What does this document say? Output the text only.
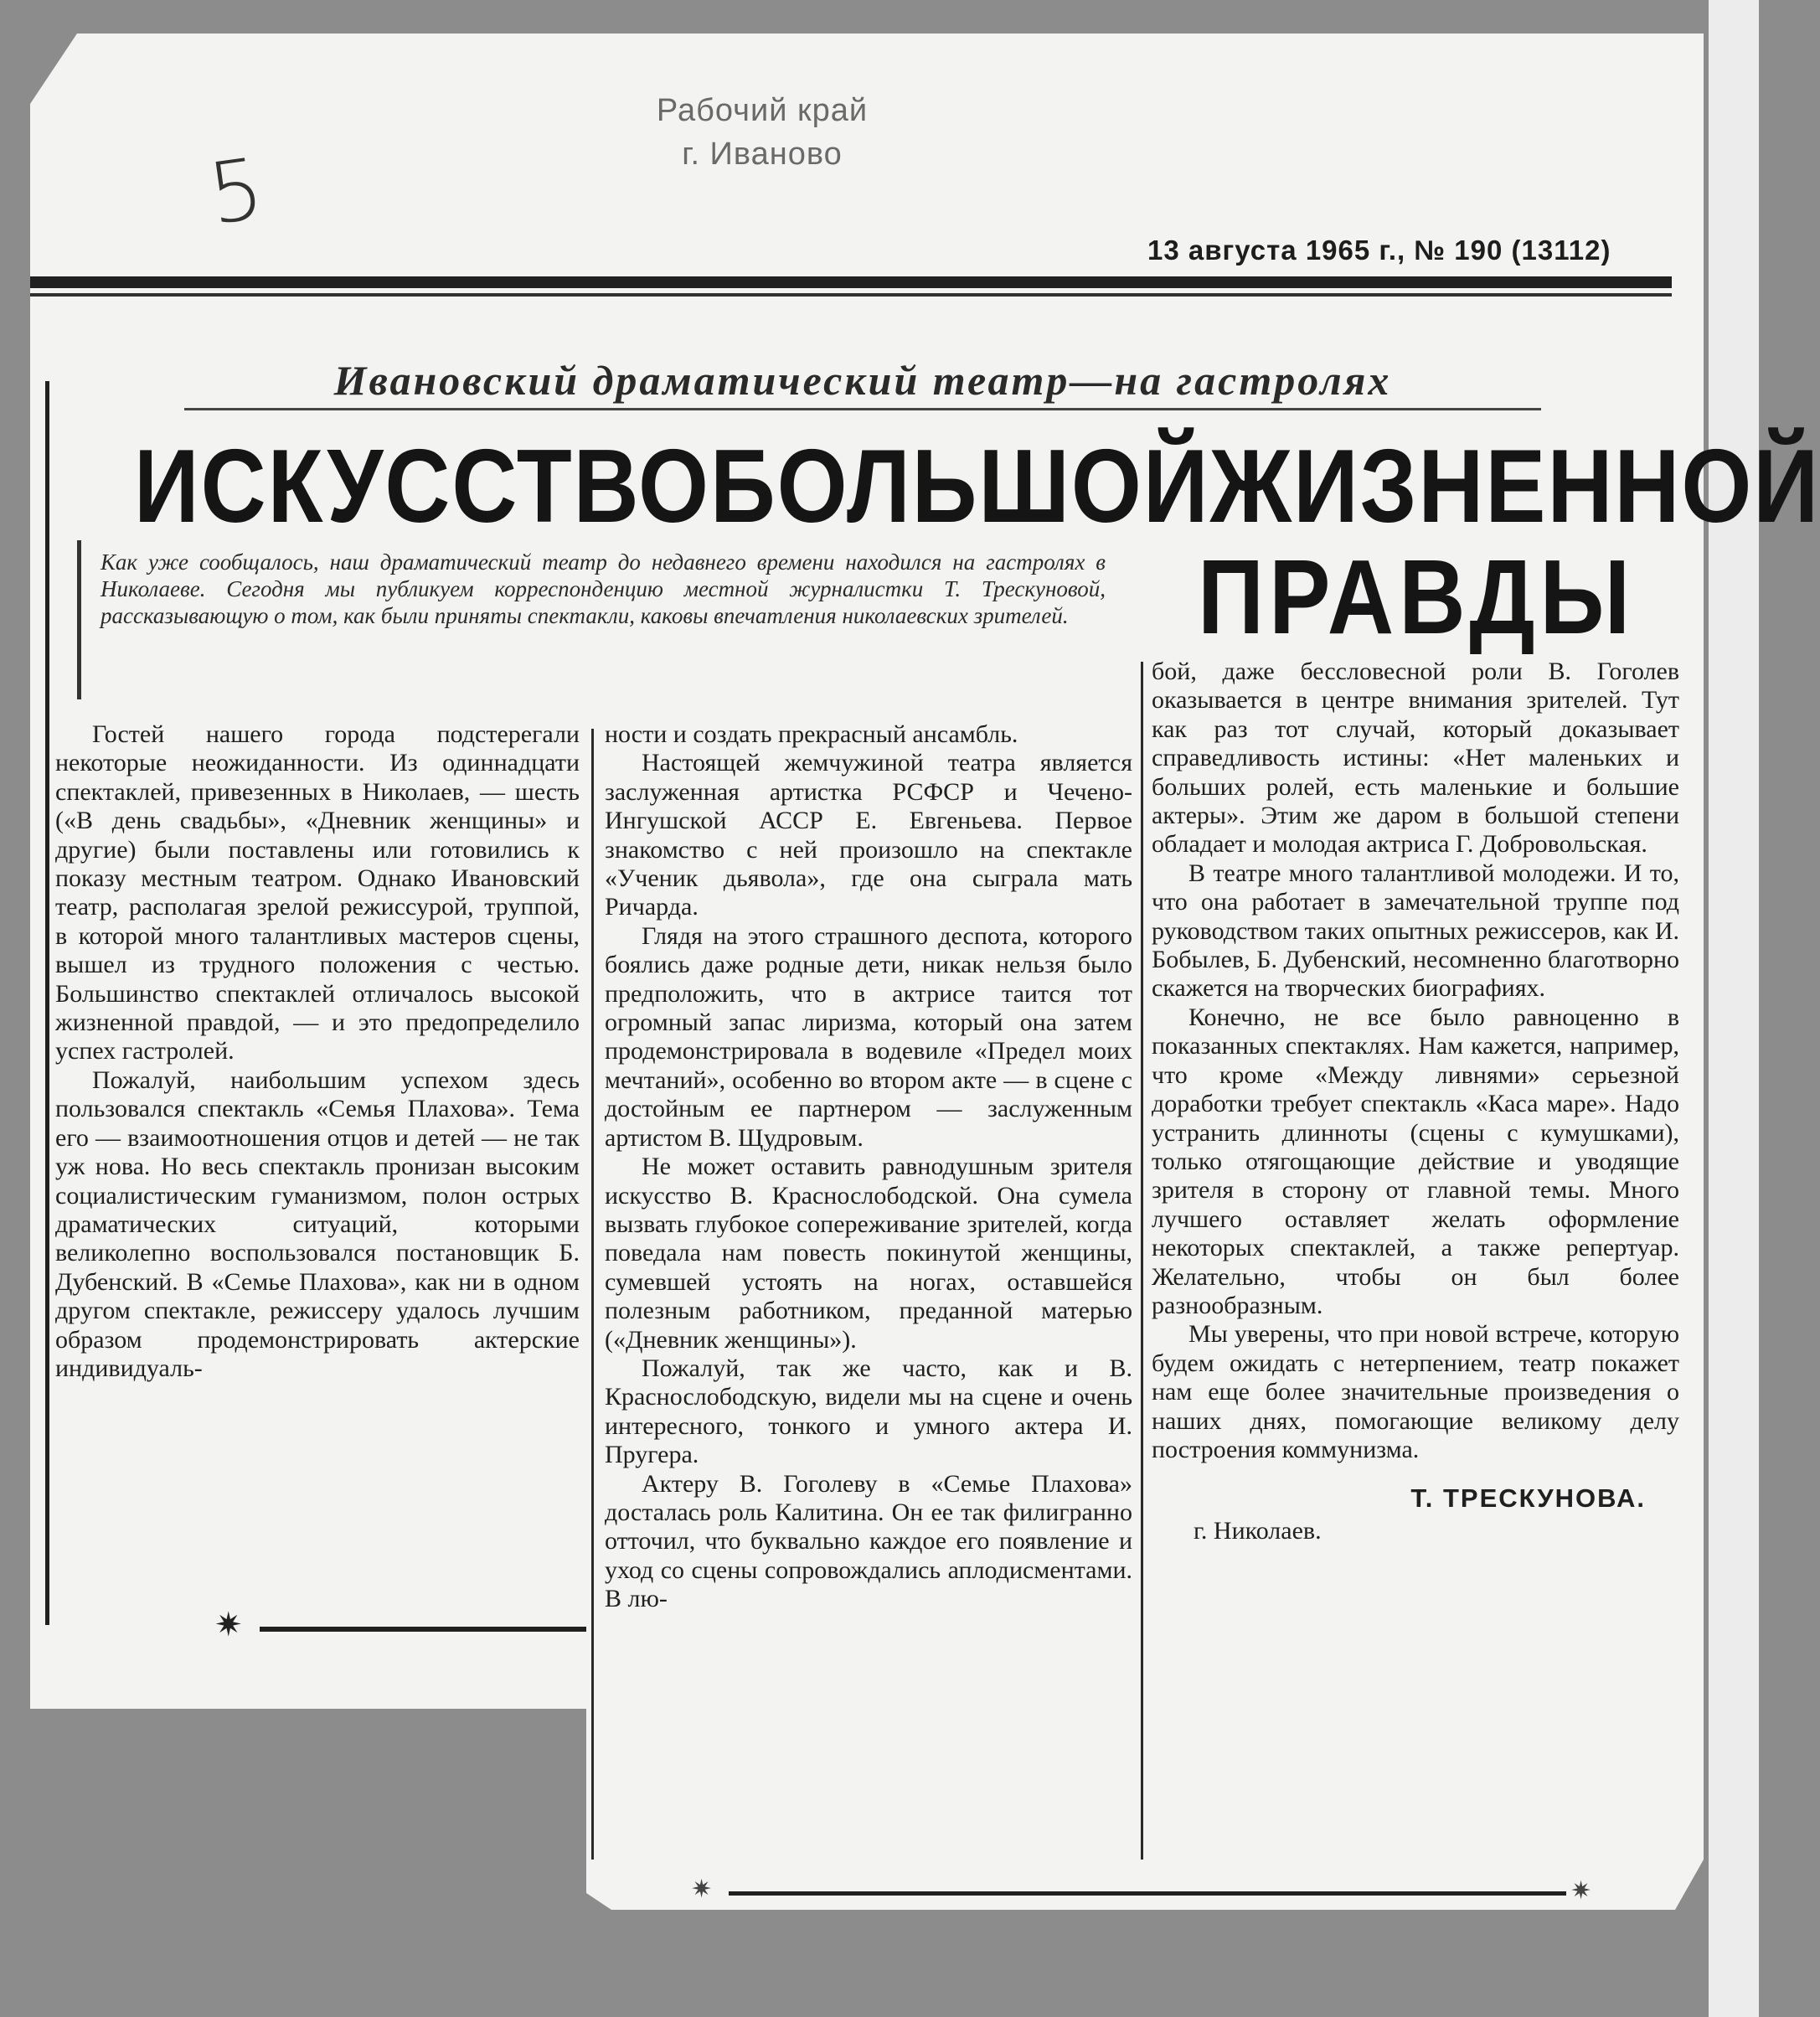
Рабочий край
г. Иваново
5
13 августа 1965 г., № 190 (13112)
Ивановский драматический театр—на гастролях
ИСКУССТВО БОЛЬШОЙ ЖИЗНЕННОЙ
ПРАВДЫ
Как уже сообщалось, наш драматический театр до недавнего времени находился на гастролях в Николаеве. Сегодня мы публикуем корреспонденцию местной журналистки Т. Трескуновой, рассказывающую о том, как были приняты спектакли, каковы впечатления николаевских зрителей.

Гостей нашего города подстерегали некоторые неожиданности. Из одиннадцати спектаклей, привезенных в Николаев, — шесть («В день свадьбы», «Дневник женщины» и другие) были поставлены или готовились к показу местным театром. Однако Ивановский театр, располагая зрелой режиссурой, труппой, в которой много талантливых мастеров сцены, вышел из трудного положения с честью. Большинство спектаклей отличалось высокой жизненной правдой, — и это предопределило успех гастролей.

Пожалуй, наибольшим успехом здесь пользовался спектакль «Семья Плахова». Тема его — взаимоотношения отцов и детей — не так уж нова. Но весь спектакль пронизан высоким социалистическим гуманизмом, полон острых драматических ситуаций, которыми великолепно воспользовался постановщик Б. Дубенский. В «Семье Плахова», как ни в одном другом спектакле, режиссеру удалось лучшим образом продемонстрировать актерские индивидуаль-

ности и создать прекрасный ансамбль.

Настоящей жемчужиной театра является заслуженная артистка РСФСР и Чечено-Ингушской АССР Е. Евгеньева. Первое знакомство с ней произошло на спектакле «Ученик дьявола», где она сыграла мать Ричарда.

Глядя на этого страшного деспота, которого боялись даже родные дети, никак нельзя было предположить, что в актрисе таится тот огромный запас лиризма, который она затем продемонстрировала в водевиле «Предел моих мечтаний», особенно во втором акте — в сцене с достойным ее партнером — заслуженным артистом В. Щудровым.

Не может оставить равнодушным зрителя искусство В. Краснослободской. Она сумела вызвать глубокое сопереживание зрителей, когда поведала нам повесть покинутой женщины, сумевшей устоять на ногах, оставшейся полезным работником, преданной матерью («Дневник женщины»).

Пожалуй, так же часто, как и В. Краснослободскую, видели мы на сцене и очень интересного, тонкого и умного актера И. Пругера.

Актеру В. Гоголеву в «Семье Плахова» досталась роль Калитина. Он ее так филигранно отточил, что буквально каждое его появление и уход со сцены сопровождались аплодисментами. В лю-

бой, даже бессловесной роли В. Гоголев оказывается в центре внимания зрителей. Тут как раз тот случай, который доказывает справедливость истины: «Нет маленьких и больших ролей, есть маленькие и большие актеры». Этим же даром в большой степени обладает и молодая актриса Г. Добровольская.

В театре много талантливой молодежи. И то, что она работает в замечательной труппе под руководством таких опытных режиссеров, как И. Бобылев, Б. Дубенский, несомненно благотворно скажется на творческих биографиях.

Конечно, не все было равноценно в показанных спектаклях. Нам кажется, например, что кроме «Между ливнями» серьезной доработки требует спектакль «Каса маре». Надо устранить длинноты (сцены с кумушками), только отягощающие действие и уводящие зрителя в сторону от главной темы. Много лучшего оставляет желать оформление некоторых спектаклей, а также репертуар. Желательно, чтобы он был более разнообразным.

Мы уверены, что при новой встрече, которую будем ожидать с нетерпением, театр покажет нам еще более значительные произведения о наших днях, помогающие великому делу построения коммунизма.

Т. ТРЕСКУНОВА.
г. Николаев.
✷
✷	✷
